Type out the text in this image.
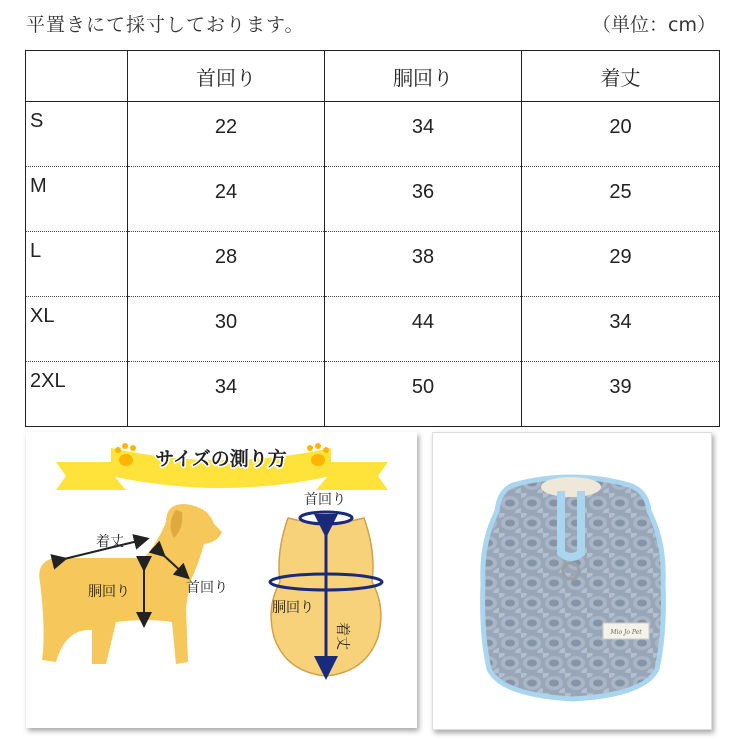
平置きにて採寸しております。	（単位：cm）
	首回り	胴回り	着丈
S	22	34	20
M	24	36	25
L	28	38	29
XL	30	44	34
2XL	34	50	39
サイズの測り方
着丈
胴回り	首回り
首回り
胴回り
着丈	Mio Jo Pet
